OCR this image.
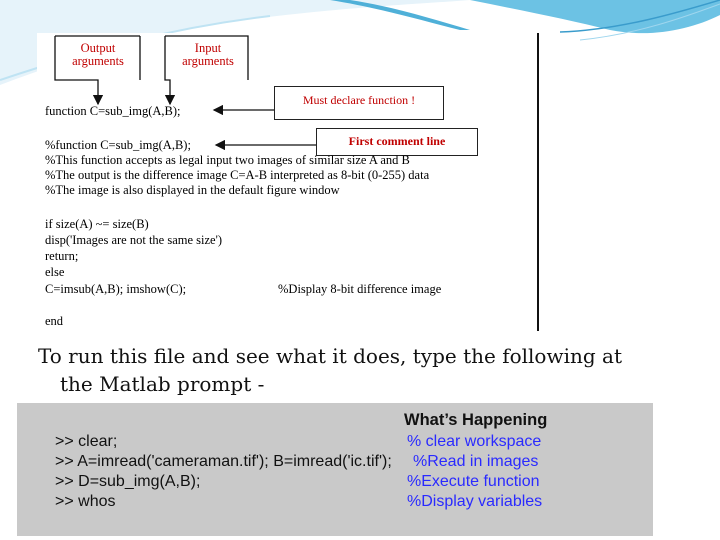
Output
arguments
Input
arguments
Must declare function !
First comment line
function C=sub_img(A,B);
%function C=sub_img(A,B);
%This function accepts as legal input two images of similar size A and B
%The output is the difference image C=A-B interpreted as 8-bit (0-255) data
%The image is also displayed in the default figure window
if size(A) ~= size(B)
disp('Images are not the same size')
return;
else
C=imsub(A,B); imshow(C);	%Display 8-bit difference image
end
To run this file and see what it does, type the following at

the Matlab prompt -
What’s Happening
>> clear;
>> A=imread('cameraman.tif'); B=imread('ic.tif');
>> D=sub_img(A,B);
>> whos
% clear workspace
%Read in images
%Execute function
%Display variables
